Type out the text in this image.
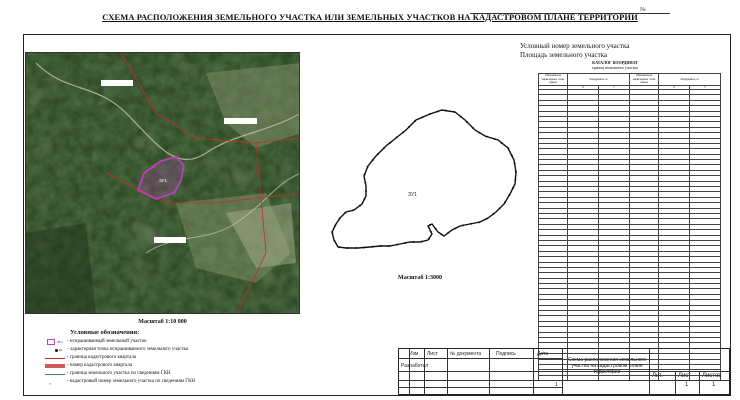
№
СХЕМА РАСПОЛОЖЕНИЯ ЗЕМЕЛЬНОГО УЧАСТКА ИЛИ ЗЕМЕЛЬНЫХ УЧАСТКОВ НА КАДАСТРОВОМ ПЛАНЕ ТЕРРИТОРИИ
ЗУ1
Масштаб 1:10 000
ЗУ1
Масштаб 1:3000
Условный номер земельного участка
Площадь земельного участка
КАТАЛОГ КООРДИНАТ
границ земельного участка
Обозначение характерных точек границ	Координаты, м		Обозначение характерных точек границ	Координаты, м	
	X	Y		X	Y

Условные обозначения:
ЗУ1 - испрашиваемый земельный участок
н1 - характерная точка испрашиваемого земельного участка
- граница кадастрового квартала
- номер кадастрового квартала
- граница земельного участка по сведениям ГКН
▪▪	- кадастровый номер земельного участка по сведениям ГКН
Изм Лист № документа	Подпись	Дата
Разработал
1
Схема расположения земельного участка на кадастровом плане территории
Лит. Лист Листов
1	1
